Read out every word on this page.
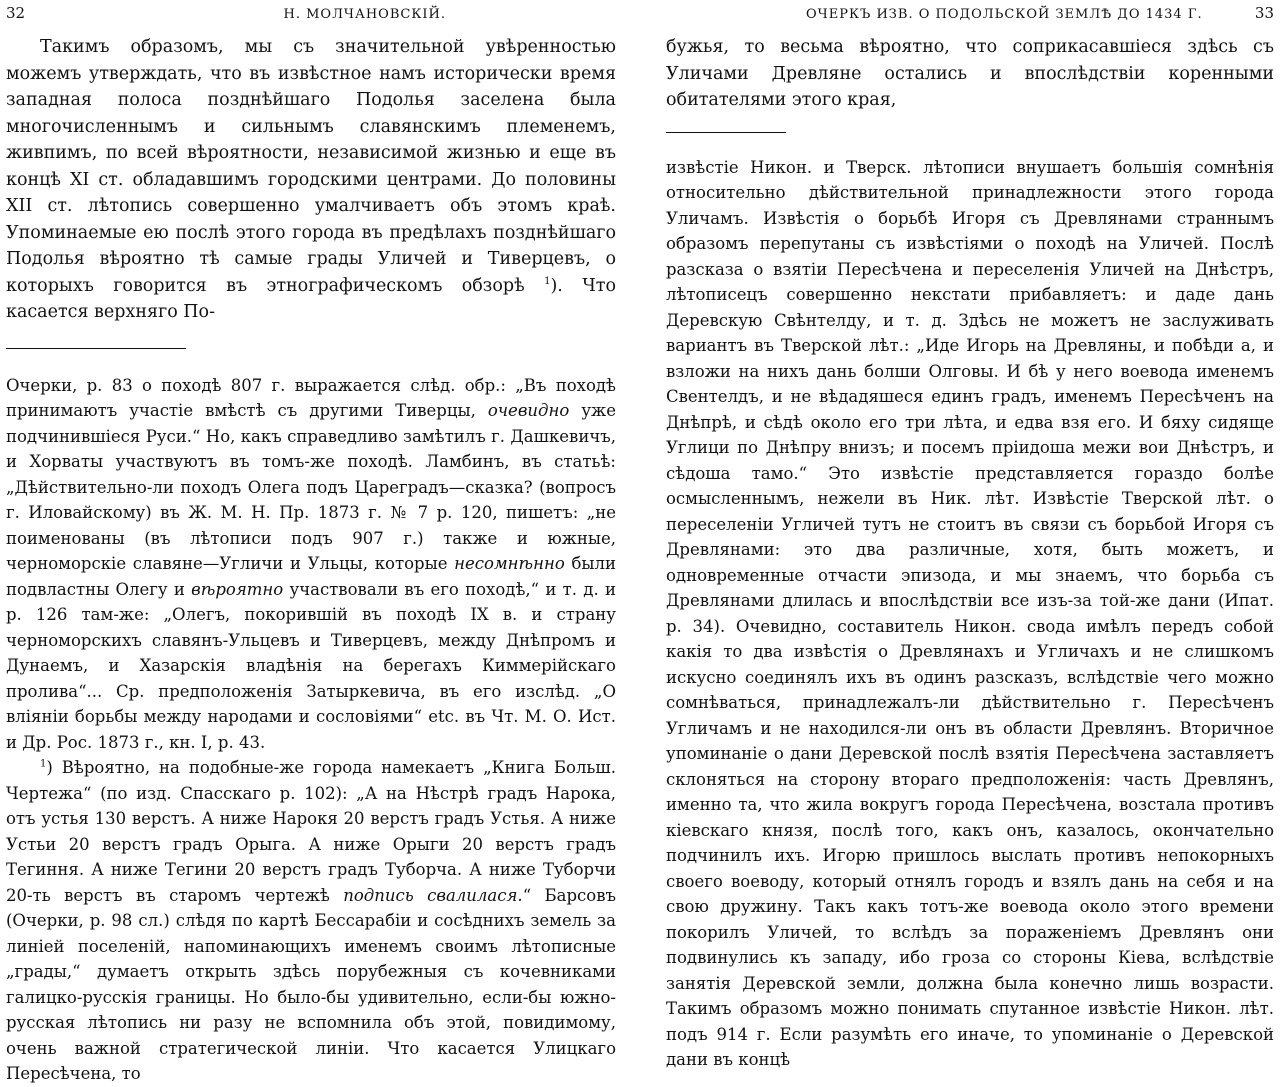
32	Н. МОЛЧАНОВСКІЙ.

Такимъ образомъ, мы съ значительной увѣренностью можемъ утверждать, что въ извѣстное намъ исторически время западная полоса позднѣйшаго Подолья заселена была многочисленнымъ и сильнымъ славянскимъ племенемъ, живпимъ, по всей вѣроятности, независимой жизнью и еще въ концѣ XI ст. обладавшимъ городскими центрами. До половины XII ст. лѣтопись совершенно умалчиваетъ объ этомъ краѣ. Упоминаемые ею послѣ этого города въ предѣлахъ позднѣйшаго Подолья вѣроятно тѣ самые грады Уличей и Тиверцевъ, о которыхъ говорится въ этнографическомъ обзорѣ $^1$). Что касается верхняго По-

Очерки, р. 83 о походѣ 807 г. выражается слѣд. обр.: „Въ походѣ принимаютъ участіе вмѣстѣ съ другими Тиверцы, очевидно уже подчинившіеся Руси.“ Но, какъ справедливо замѣтилъ г. Дашкевичъ, и Хорваты участвуютъ въ томъ-же походѣ. Ламбинъ, въ статьѣ: „Дѣйствительно-ли походъ Олега подъ Цареградъ—сказка? (вопросъ г. Иловайскому) въ Ж. М. Н. Пр. 1873 г. № 7 р. 120, пишетъ: „не поименованы (въ лѣтописи подъ 907 г.) также и южные, черноморскіе славяне—Угличи и Ульцы, которые несомнѣнно были подвластны Олегу и вѣроятно участвовали въ его походѣ,“ и т. д. и р. 126 там-же: „Олегъ, покорившій въ походѣ IX в. и страну черноморскихъ славянъ-Ульцевъ и Тиверцевъ, между Днѣпромъ и Дунаемъ, и Хазарскія владѣнія на берегахъ Киммерійскаго пролива“... Ср. предположенія Затыркевича, въ его изслѣд. „О вліяніи борьбы между народами и сословіями“ etc. въ Чт. М. О. Ист. и Др. Рос. 1873 г., кн. I, р. 43.

$^1$) Вѣроятно, на подобные-же города намекаетъ „Книга Больш. Чертежа“ (по изд. Спасскаго р. 102): „А на Нѣстрѣ градъ Нарока, отъ устья 130 верстъ. А ниже Нарокя 20 верстъ градъ Устья. А ниже Устьи 20 верстъ градъ Орыга. А ниже Орыги 20 верстъ градъ Тегиння. А ниже Тегини 20 верстъ градъ Туборча. А ниже Туборчи 20-ть верстъ въ старомъ чертежѣ подпись свалилася.“ Барсовъ (Очерки, р. 98 сл.) слѣдя по картѣ Бессарабіи и сосѣднихъ земель за линіей поселеній, напоминающихъ именемъ своимъ лѣтописные „грады,“ думаетъ открыть здѣсь порубежныя съ кочевниками галицко-русскія границы. Но было-бы удивительно, если-бы южно-русская лѣтопись ни разу не вспомнила объ этой, повидимому, очень важной стратегической линіи. Что касается Улицкаго Пересѣчена, то

ОЧЕРКЪ ИЗВ. О ПОДОЛЬСКОЙ ЗЕМЛѢ ДО 1434 Г.	33

бужья, то весьма вѣроятно, что соприкасавшіеся здѣсь съ Уличами Древляне остались и впослѣдствіи коренными обитателями этого края,

извѣстіе Никон. и Тверск. лѣтописи внушаетъ большія сомнѣнія относительно дѣйствительной принадлежности этого города Уличамъ. Извѣстія о борьбѣ Игоря съ Древлянами страннымъ образомъ перепутаны съ извѣстіями о походѣ на Уличей. Послѣ разсказа о взятіи Пересѣчена и переселенія Уличей на Днѣстръ, лѣтописецъ совершенно некстати прибавляетъ: и даде дань Деревскую Свѣнтелду, и т. д. Здѣсь не можетъ не заслуживать вариантъ въ Тверской лѣт.: „Иде Игорь на Древляны, и побѣди а, и взложи на нихъ дань болши Олговы. И бѣ у него воевода именемъ Свентелдъ, и не вѣдадяшеся единъ градъ, именемъ Пересѣченъ на Днѣпрѣ, и сѣдѣ около его три лѣта, и едва взя его. И бяху сидяще Углици по Днѣпру внизъ; и посемъ пріидоша межи вои Днѣстръ, и сѣдоша тамо.“ Это извѣстіе представляется гораздо болѣе осмысленнымъ, нежели въ Ник. лѣт. Извѣстіе Тверской лѣт. о переселеніи Угличей тутъ не стоитъ въ связи съ борьбой Игоря съ Древлянами: это два различные, хотя, быть можетъ, и одновременные отчасти эпизода, и мы знаемъ, что борьба съ Древлянами длилась и впослѣдствіи все изъ-за той-же дани (Ипат. р. 34). Очевидно, составитель Никон. свода имѣлъ передъ собой какія то два извѣстія о Древлянахъ и Угличахъ и не слишкомъ искусно соединялъ ихъ въ одинъ разсказъ, вслѣдствіе чего можно сомнѣваться, принадлежалъ-ли дѣйствительно г. Пересѣченъ Угличамъ и не находился-ли онъ въ области Древлянъ. Вторичное упоминаніе о дани Деревской послѣ взятія Пересѣчена заставляетъ склоняться на сторону втораго предположенія: часть Древлянъ, именно та, что жила вокругъ города Пересѣчена, возстала противъ кіевскаго князя, послѣ того, какъ онъ, казалось, окончательно подчинилъ ихъ. Игорю пришлось выслать противъ непокорныхъ своего воеводу, который отнялъ городъ и взялъ дань на себя и на свою дружину. Такъ какъ тотъ-же воевода около этого времени покорилъ Уличей, то вслѣдъ за пораженіемъ Древлянъ они подвинулись къ западу, ибо гроза со стороны Кіева, вслѣдствіе занятія Деревской земли, должна была конечно лишь возрасти. Такимъ образомъ можно понимать спутанное извѣстіе Никон. лѣт. подъ 914 г. Если разумѣть его иначе, то упоминаніе о Деревской дани въ концѣ
